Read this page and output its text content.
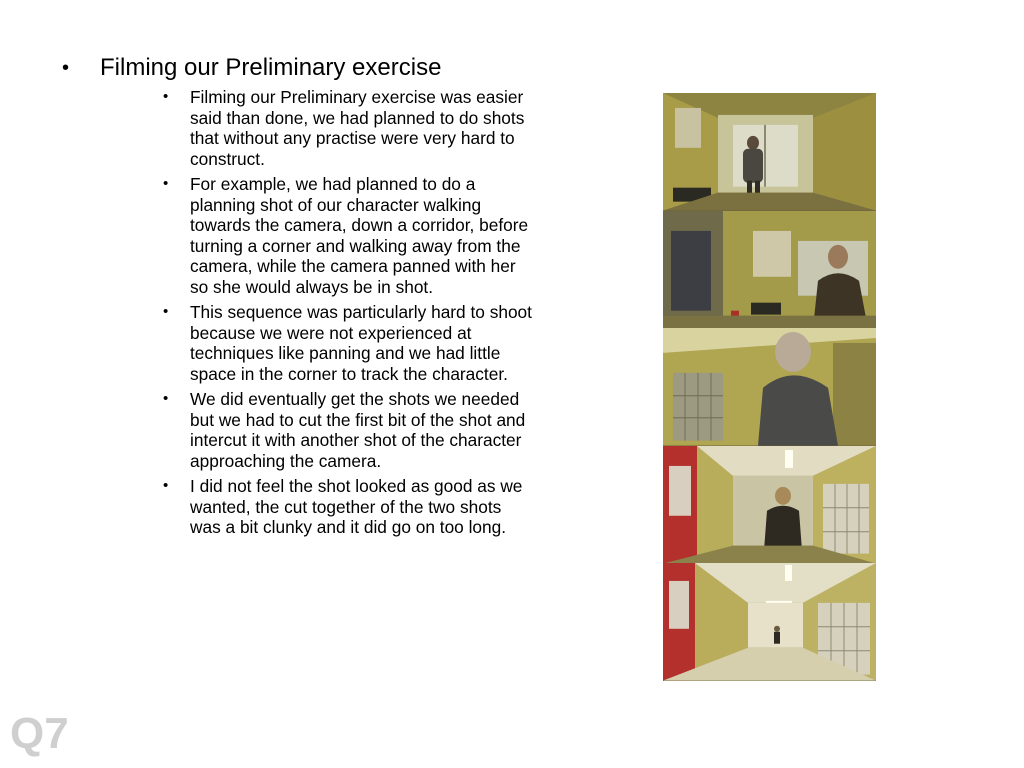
•	Filming our Preliminary exercise
•	Filming our Preliminary exercise was easier said than done, we had planned to do shots that without any practise were very hard to construct.
•	For example, we had planned to do a planning shot of our character walking towards the camera, down a corridor, before turning a corner and walking away from the camera, while the camera panned with her so she would always be in shot.
•	This sequence was particularly hard to shoot because we were not experienced at techniques like panning and we had little space in the corner to track the character.
•	We did eventually get the shots we needed but we had to cut the first bit of the shot and intercut it with another shot of the character approaching the camera.
•	I did not feel the shot looked as good as we wanted, the cut together of the two shots was a bit clunky and it did go on too long.
Q7
